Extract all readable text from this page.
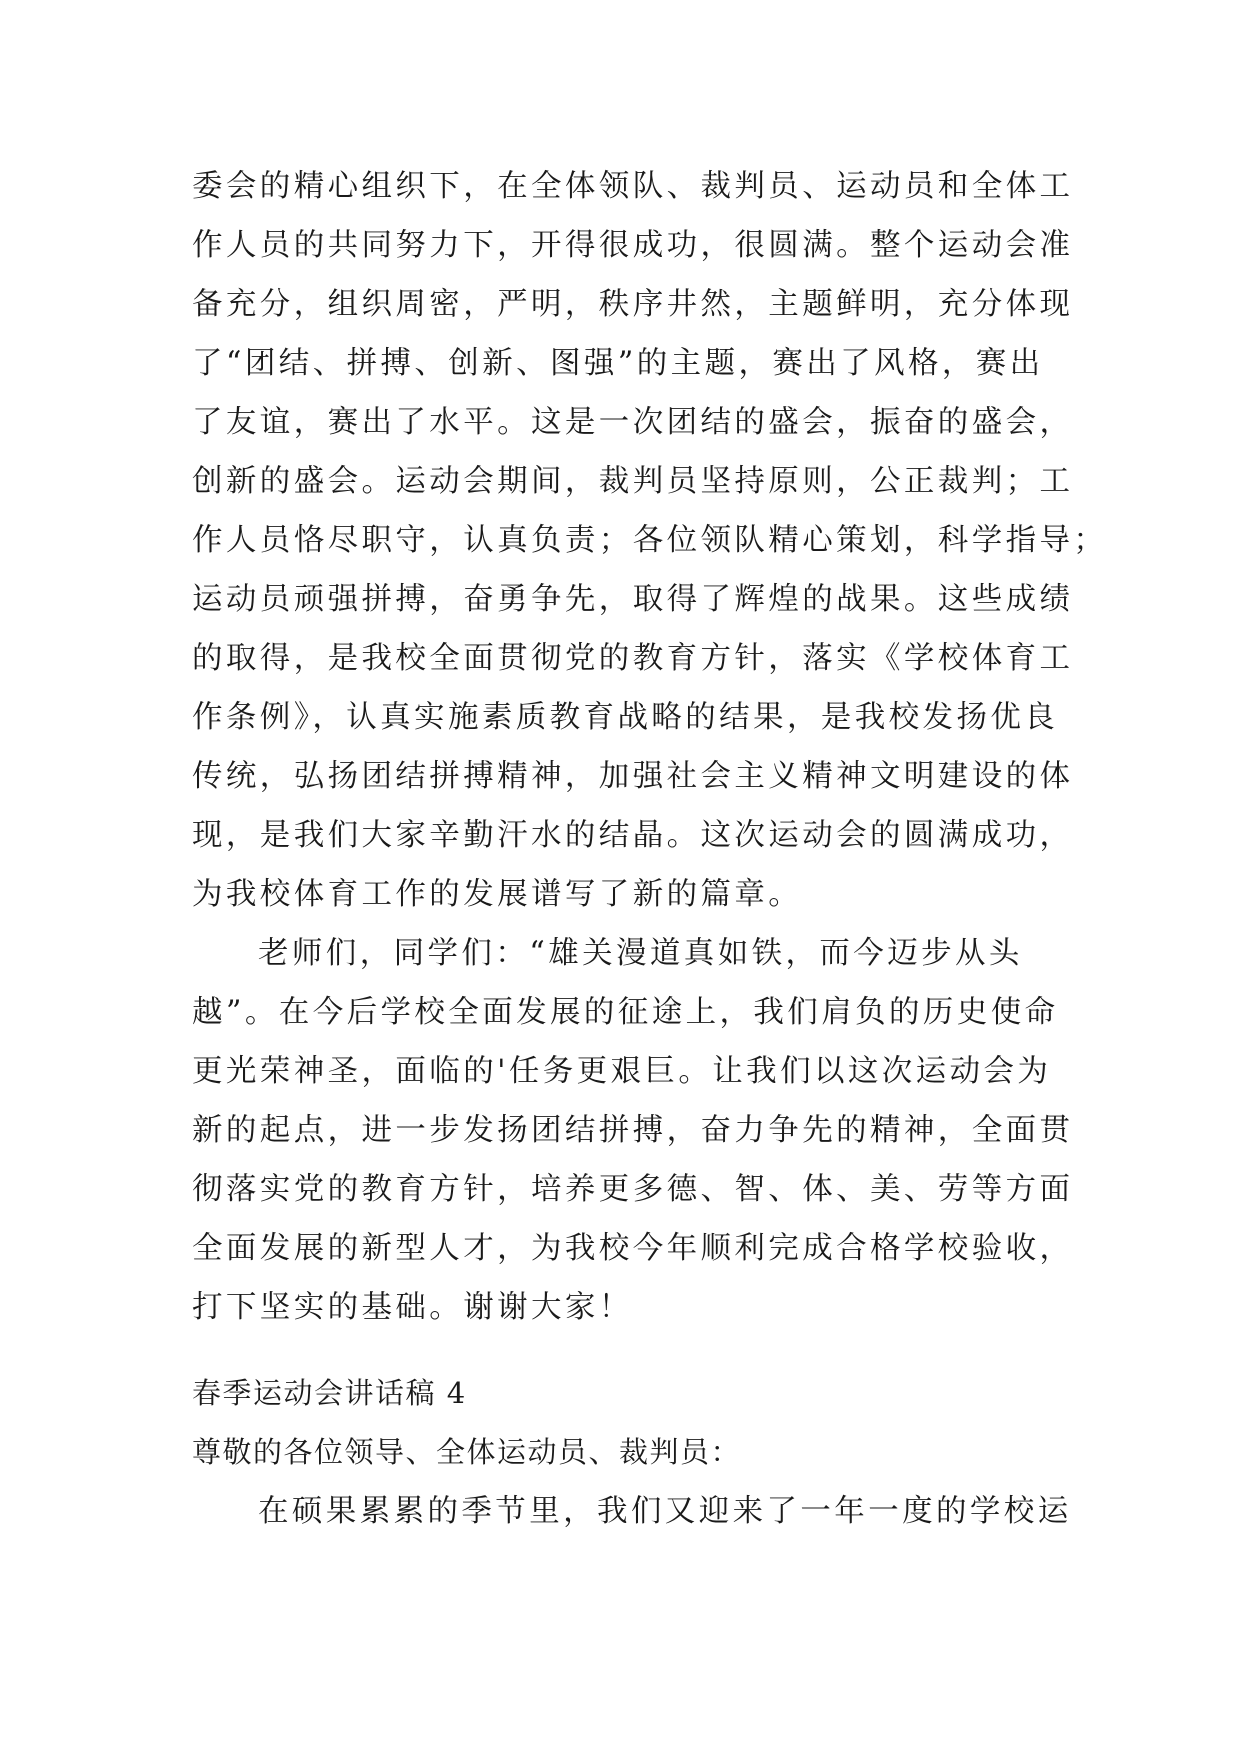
委会的精心组织下，在全体领队、裁判员、运动员和全体工
作人员的共同努力下，开得很成功，很圆满。整个运动会准
备充分，组织周密，严明，秩序井然，主题鲜明，充分体现
了“团结、拼搏、创新、图强”的主题，赛出了风格，赛出
了友谊，赛出了水平。这是一次团结的盛会，振奋的盛会，
创新的盛会。运动会期间，裁判员坚持原则，公正裁判；工
作人员恪尽职守，认真负责；各位领队精心策划，科学指导；
运动员顽强拼搏，奋勇争先，取得了辉煌的战果。这些成绩
的取得，是我校全面贯彻党的教育方针，落实《学校体育工
作条例》，认真实施素质教育战略的结果，是我校发扬优良
传统，弘扬团结拼搏精神，加强社会主义精神文明建设的体
现，是我们大家辛勤汗水的结晶。这次运动会的圆满成功，
为我校体育工作的发展谱写了新的篇章。
老师们，同学们：“雄关漫道真如铁，而今迈步从头
越”。在今后学校全面发展的征途上，我们肩负的历史使命
更光荣神圣，面临的'任务更艰巨。让我们以这次运动会为
新的起点，进一步发扬团结拼搏，奋力争先的精神，全面贯
彻落实党的教育方针，培养更多德、智、体、美、劳等方面
全面发展的新型人才，为我校今年顺利完成合格学校验收，
打下坚实的基础。谢谢大家！
春季运动会讲话稿 4
尊敬的各位领导、全体运动员、裁判员：
在硕果累累的季节里，我们又迎来了一年一度的学校运
